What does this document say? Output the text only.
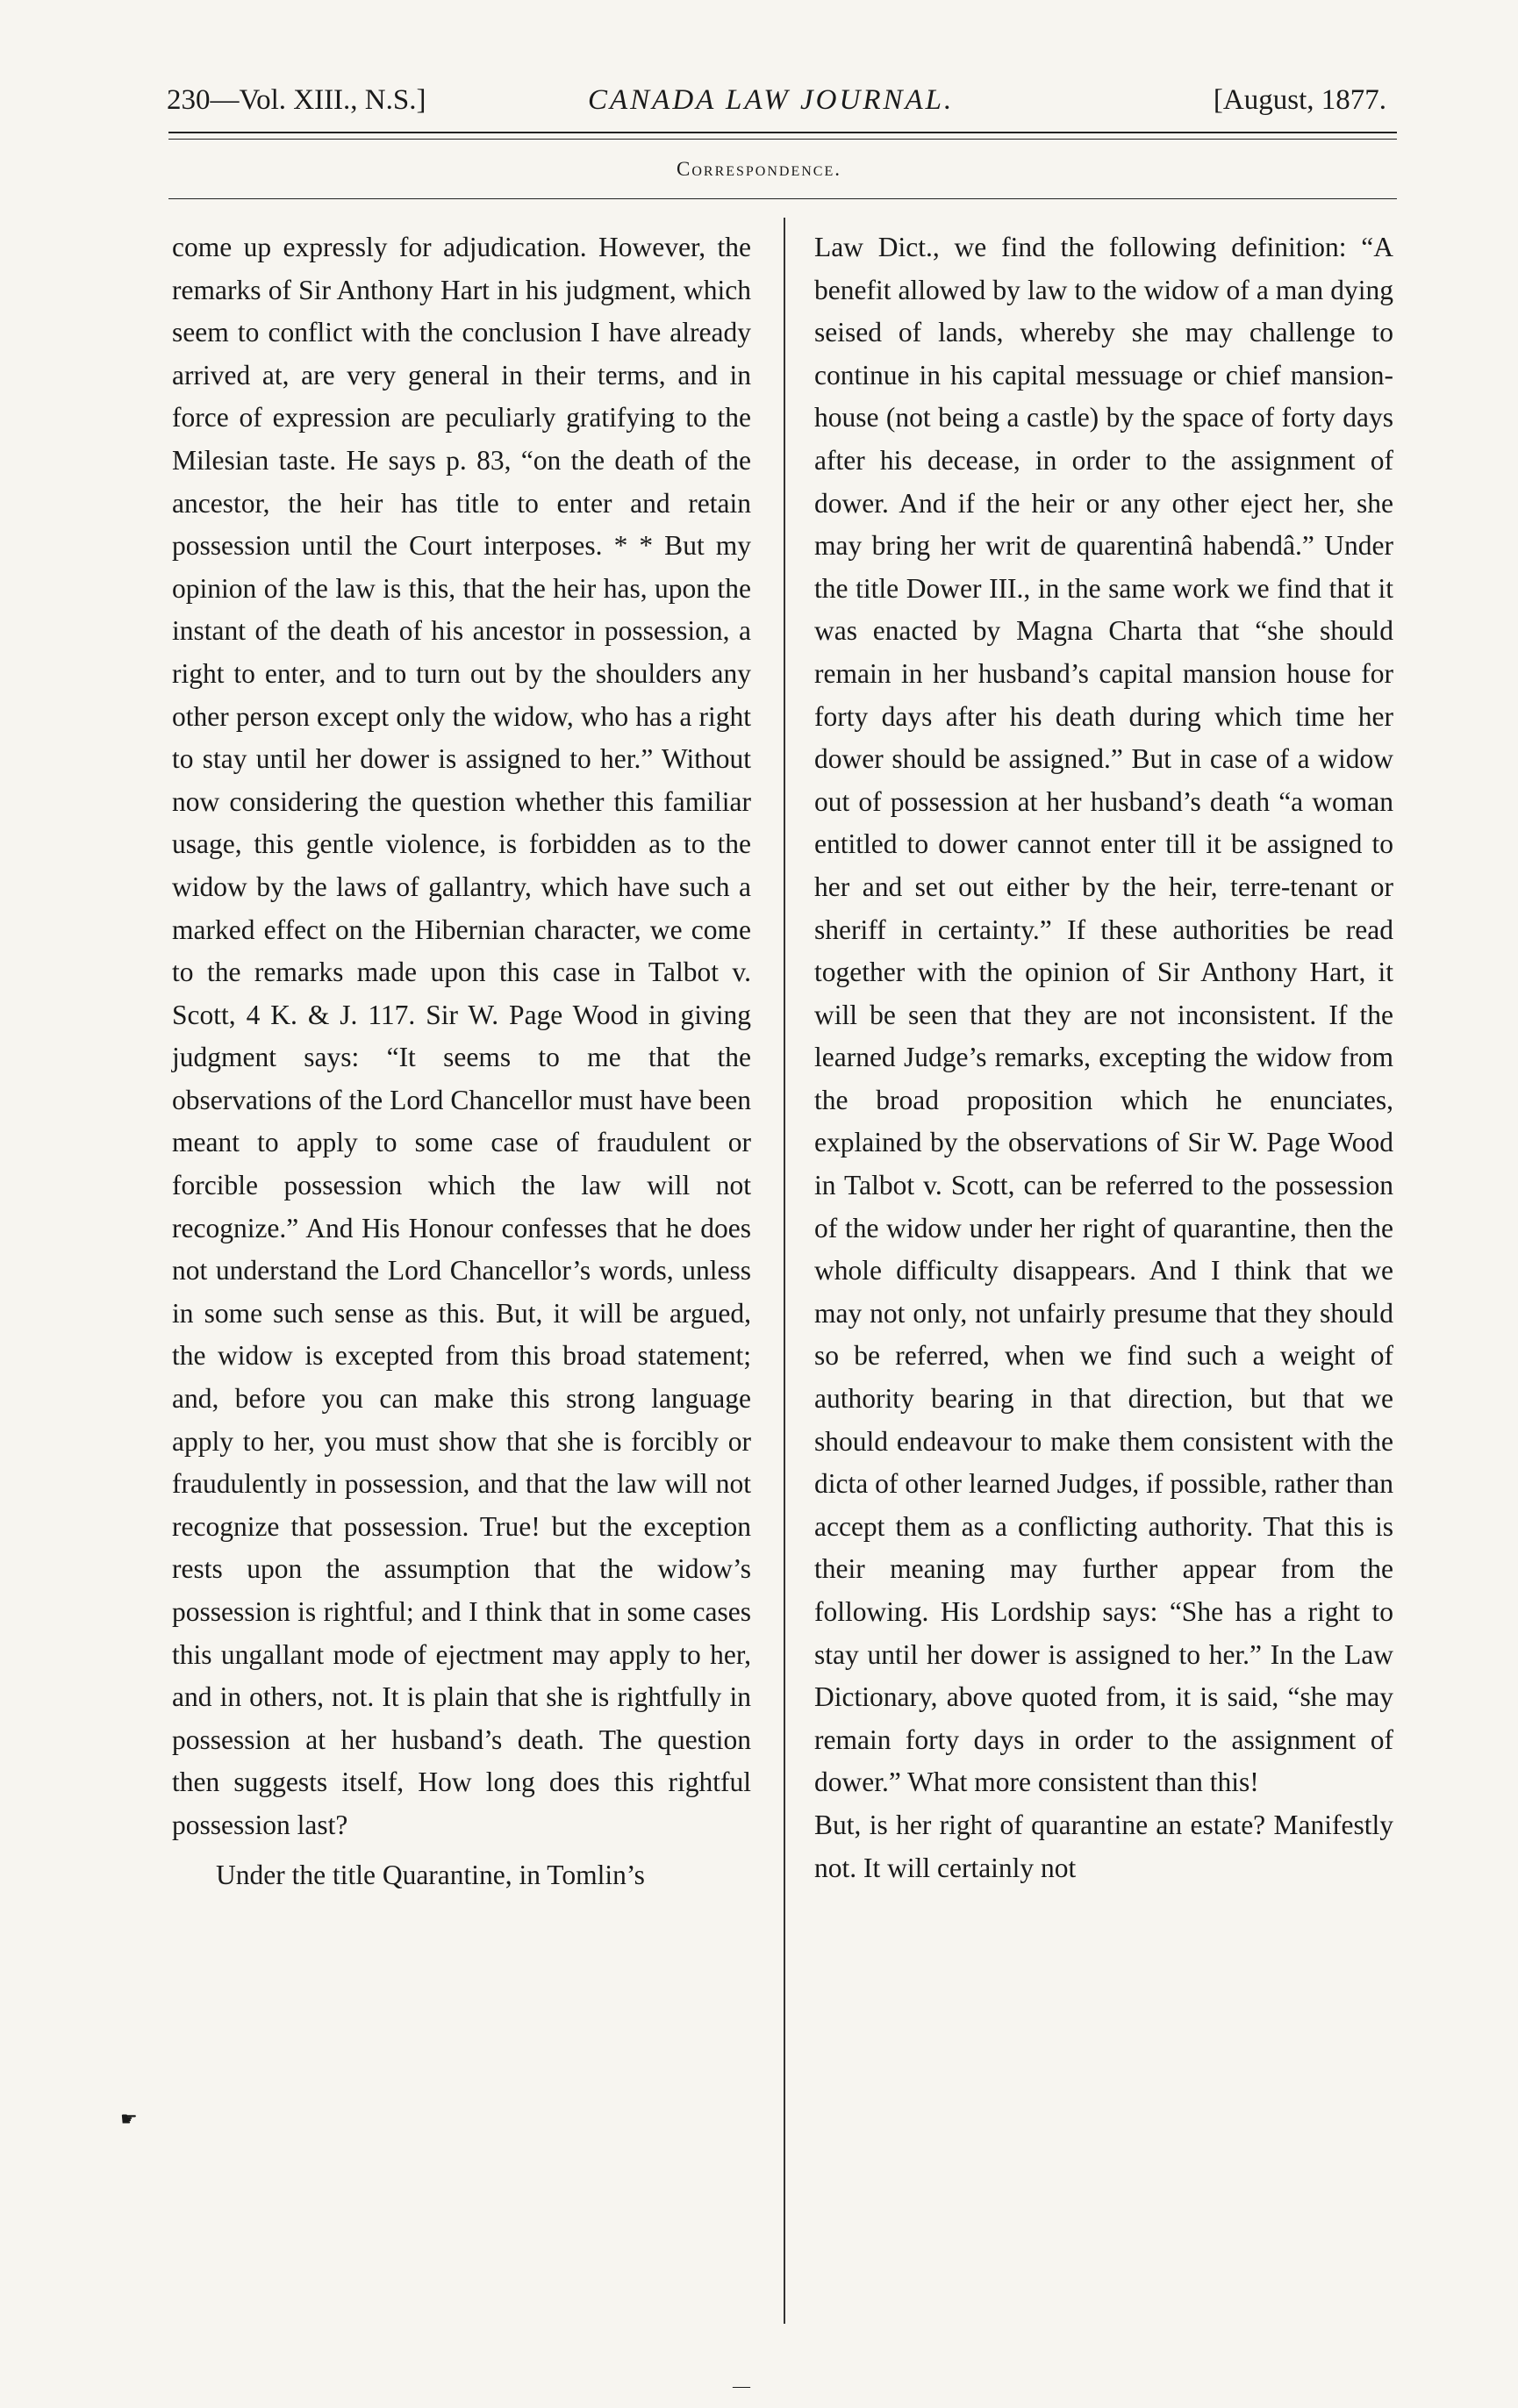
230—Vol. XIII., N.S.]	CANADA LAW JOURNAL.	[August, 1877.
Correspondence.

come up expressly for adjudication. However, the remarks of Sir Anthony Hart in his judgment, which seem to conflict with the conclusion I have already arrived at, are very general in their terms, and in force of expression are peculiarly gratifying to the Milesian taste. He says p. 83, “on the death of the ancestor, the heir has title to enter and retain possession until the Court interposes. * * But my opinion of the law is this, that the heir has, upon the instant of the death of his ancestor in possession, a right to enter, and to turn out by the shoulders any other person except only the widow, who has a right to stay until her dower is assigned to her.” Without now considering the question whether this familiar usage, this gentle violence, is forbidden as to the widow by the laws of gallantry, which have such a marked effect on the Hibernian character, we come to the remarks made upon this case in Talbot v. Scott, 4 K. & J. 117. Sir W. Page Wood in giving judgment says: “It seems to me that the observations of the Lord Chancellor must have been meant to apply to some case of fraudulent or forcible possession which the law will not recognize.” And His Honour confesses that he does not understand the Lord Chancellor’s words, unless in some such sense as this. But, it will be argued, the widow is excepted from this broad statement; and, before you can make this strong language apply to her, you must show that she is forcibly or fraudulently in possession, and that the law will not recognize that possession. True! but the exception rests upon the assumption that the widow’s possession is rightful; and I think that in some cases this ungallant mode of ejectment may apply to her, and in others, not. It is plain that she is rightfully in possession at her husband’s death. The question then suggests itself, How long does this rightful possession last?

Under the title Quarantine, in Tomlin’s

Law Dict., we find the following definition: “A benefit allowed by law to the widow of a man dying seised of lands, whereby she may challenge to continue in his capital messuage or chief mansion-house (not being a castle) by the space of forty days after his decease, in order to the assignment of dower. And if the heir or any other eject her, she may bring her writ de quarentinâ habendâ.” Under the title Dower III., in the same work we find that it was enacted by Magna Charta that “she should remain in her husband’s capital mansion house for forty days after his death during which time her dower should be assigned.” But in case of a widow out of possession at her husband’s death “a woman entitled to dower cannot enter till it be assigned to her and set out either by the heir, terre-tenant or sheriff in certainty.” If these authorities be read together with the opinion of Sir Anthony Hart, it will be seen that they are not inconsistent. If the learned Judge’s remarks, excepting the widow from the broad proposition which he enunciates, explained by the observations of Sir W. Page Wood in Talbot v. Scott, can be referred to the possession of the widow under her right of quarantine, then the whole difficulty disappears. And I think that we may not only, not unfairly presume that they should so be referred, when we find such a weight of authority bearing in that direction, but that we should endeavour to make them consistent with the dicta of other learned Judges, if possible, rather than accept them as a conflicting authority. That this is their meaning may further appear from the following. His Lordship says: “She has a right to stay until her dower is assigned to her.” In the Law Dictionary, above quoted from, it is said, “she may remain forty days in order to the assignment of dower.” What more consistent than this!

But, is her right of quarantine an estate? Manifestly not. It will certainly not

☛
—
